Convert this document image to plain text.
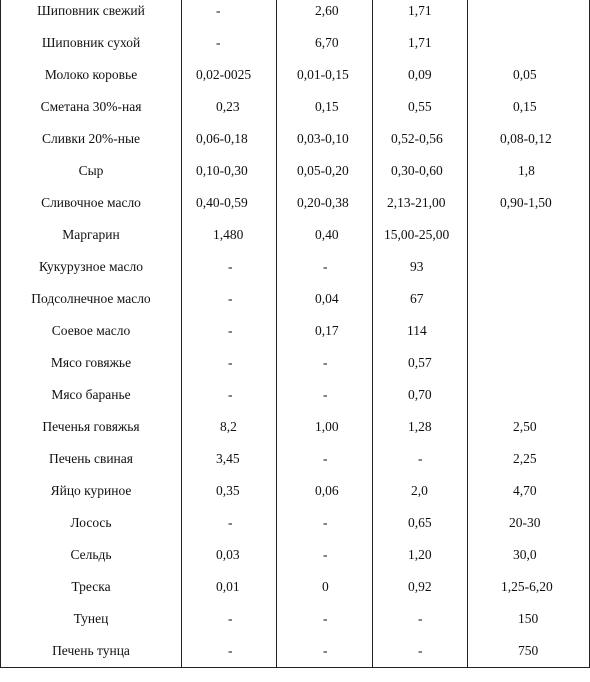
Шиповник свежий	-	2,60	1,71	
Шиповник сухой	-	6,70	1,71	
Молоко коровье	0,02-0025	0,01-0,15	0,09	0,05
Сметана 30%-ная	0,23	0,15	0,55	0,15
Сливки 20%-ные	0,06-0,18	0,03-0,10	0,52-0,56	0,08-0,12
Сыр	0,10-0,30	0,05-0,20	0,30-0,60	1,8
Сливочное масло	0,40-0,59	0,20-0,38	2,13-21,00	0,90-1,50
Маргарин	1,480	0,40	15,00-25,00	
Кукурузное масло	-	-	93	
Подсолнечное масло	-	0,04	67	
Соевое масло	-	0,17	114	
Мясо говяжье	-	-	0,57	
Мясо баранье	-	-	0,70	
Печенья говяжья	8,2	1,00	1,28	2,50
Печень свиная	3,45	-	-	2,25
Яйцо куриное	0,35	0,06	2,0	4,70
Лосось	-	-	0,65	20-30
Сельдь	0,03	-	1,20	30,0
Треска	0,01	0	0,92	1,25-6,20
Тунец	-	-	-	150
Печень тунца	-	-	-	750
